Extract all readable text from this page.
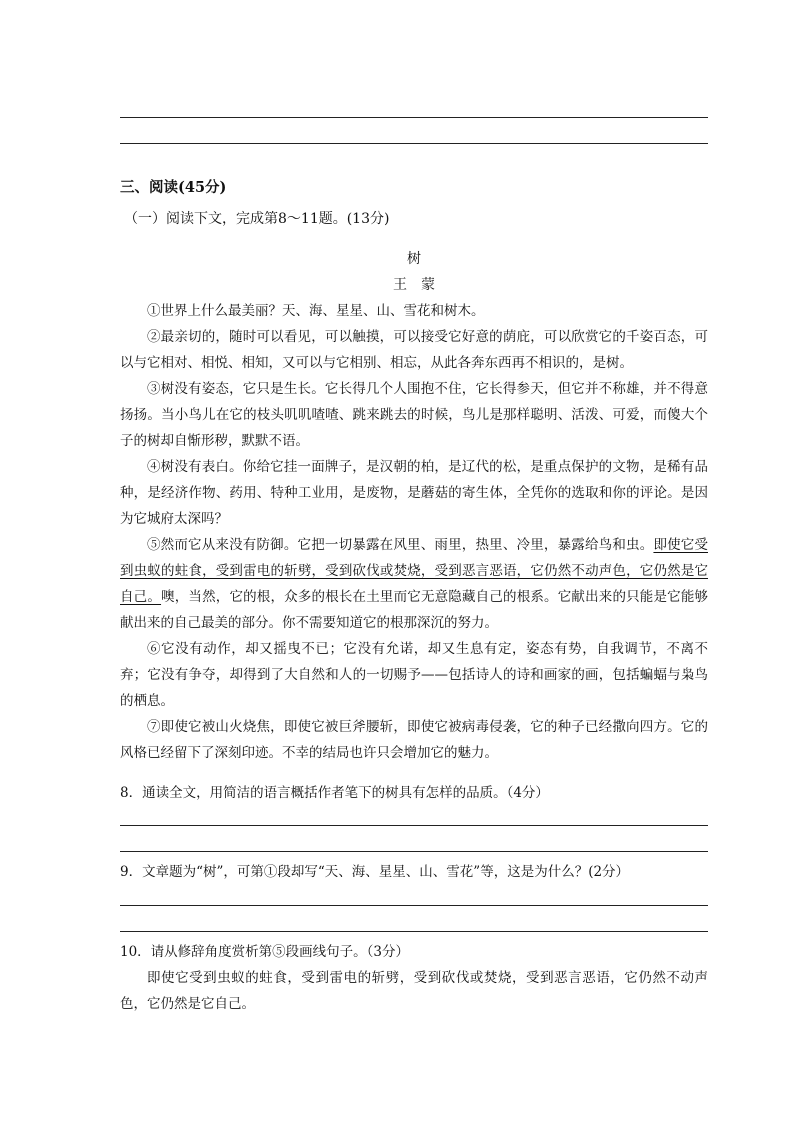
三、阅读(45分)
（一）阅读下文，完成第8～11题。(13分)
树
王　蒙

①世界上什么最美丽？天、海、星星、山、雪花和树木。

②最亲切的，随时可以看见，可以触摸，可以接受它好意的荫庇，可以欣赏它的千姿百态，可以与它相对、相悦、相知，又可以与它相别、相忘，从此各奔东西再不相识的，是树。

③树没有姿态，它只是生长。它长得几个人围抱不住，它长得参天，但它并不称雄，并不得意扬扬。当小鸟儿在它的枝头叽叽喳喳、跳来跳去的时候，鸟儿是那样聪明、活泼、可爱，而傻大个子的树却自惭形秽，默默不语。

④树没有表白。你给它挂一面牌子，是汉朝的柏，是辽代的松，是重点保护的文物，是稀有品种，是经济作物、药用、特种工业用，是废物，是蘑菇的寄生体，全凭你的选取和你的评论。是因为它城府太深吗？

⑤然而它从来没有防御。它把一切暴露在风里、雨里，热里、冷里，暴露给鸟和虫。即使它受到虫蚁的蛀食，受到雷电的斩劈，受到砍伐或焚烧，受到恶言恶语，它仍然不动声色，它仍然是它自己。噢，当然，它的根，众多的根长在土里而它无意隐藏自己的根系。它献出来的只能是它能够献出来的自己最美的部分。你不需要知道它的根那深沉的努力。

⑥它没有动作，却又摇曳不已；它没有允诺，却又生息有定，姿态有势，自我调节，不离不弃；它没有争夺，却得到了大自然和人的一切赐予——包括诗人的诗和画家的画，包括蝙蝠与枭鸟的栖息。

⑦即使它被山火烧焦，即使它被巨斧腰斩，即使它被病毒侵袭，它的种子已经撒向四方。它的风格已经留下了深刻印迹。不幸的结局也许只会增加它的魅力。

8．通读全文，用简洁的语言概括作者笔下的树具有怎样的品质。（4分）

9．文章题为“树”，可第①段却写“天、海、星星、山、雪花”等，这是为什么？(2分）

10．请从修辞角度赏析第⑤段画线句子。（3分）

即使它受到虫蚁的蛀食，受到雷电的斩劈，受到砍伐或焚烧，受到恶言恶语，它仍然不动声色，它仍然是它自己。
